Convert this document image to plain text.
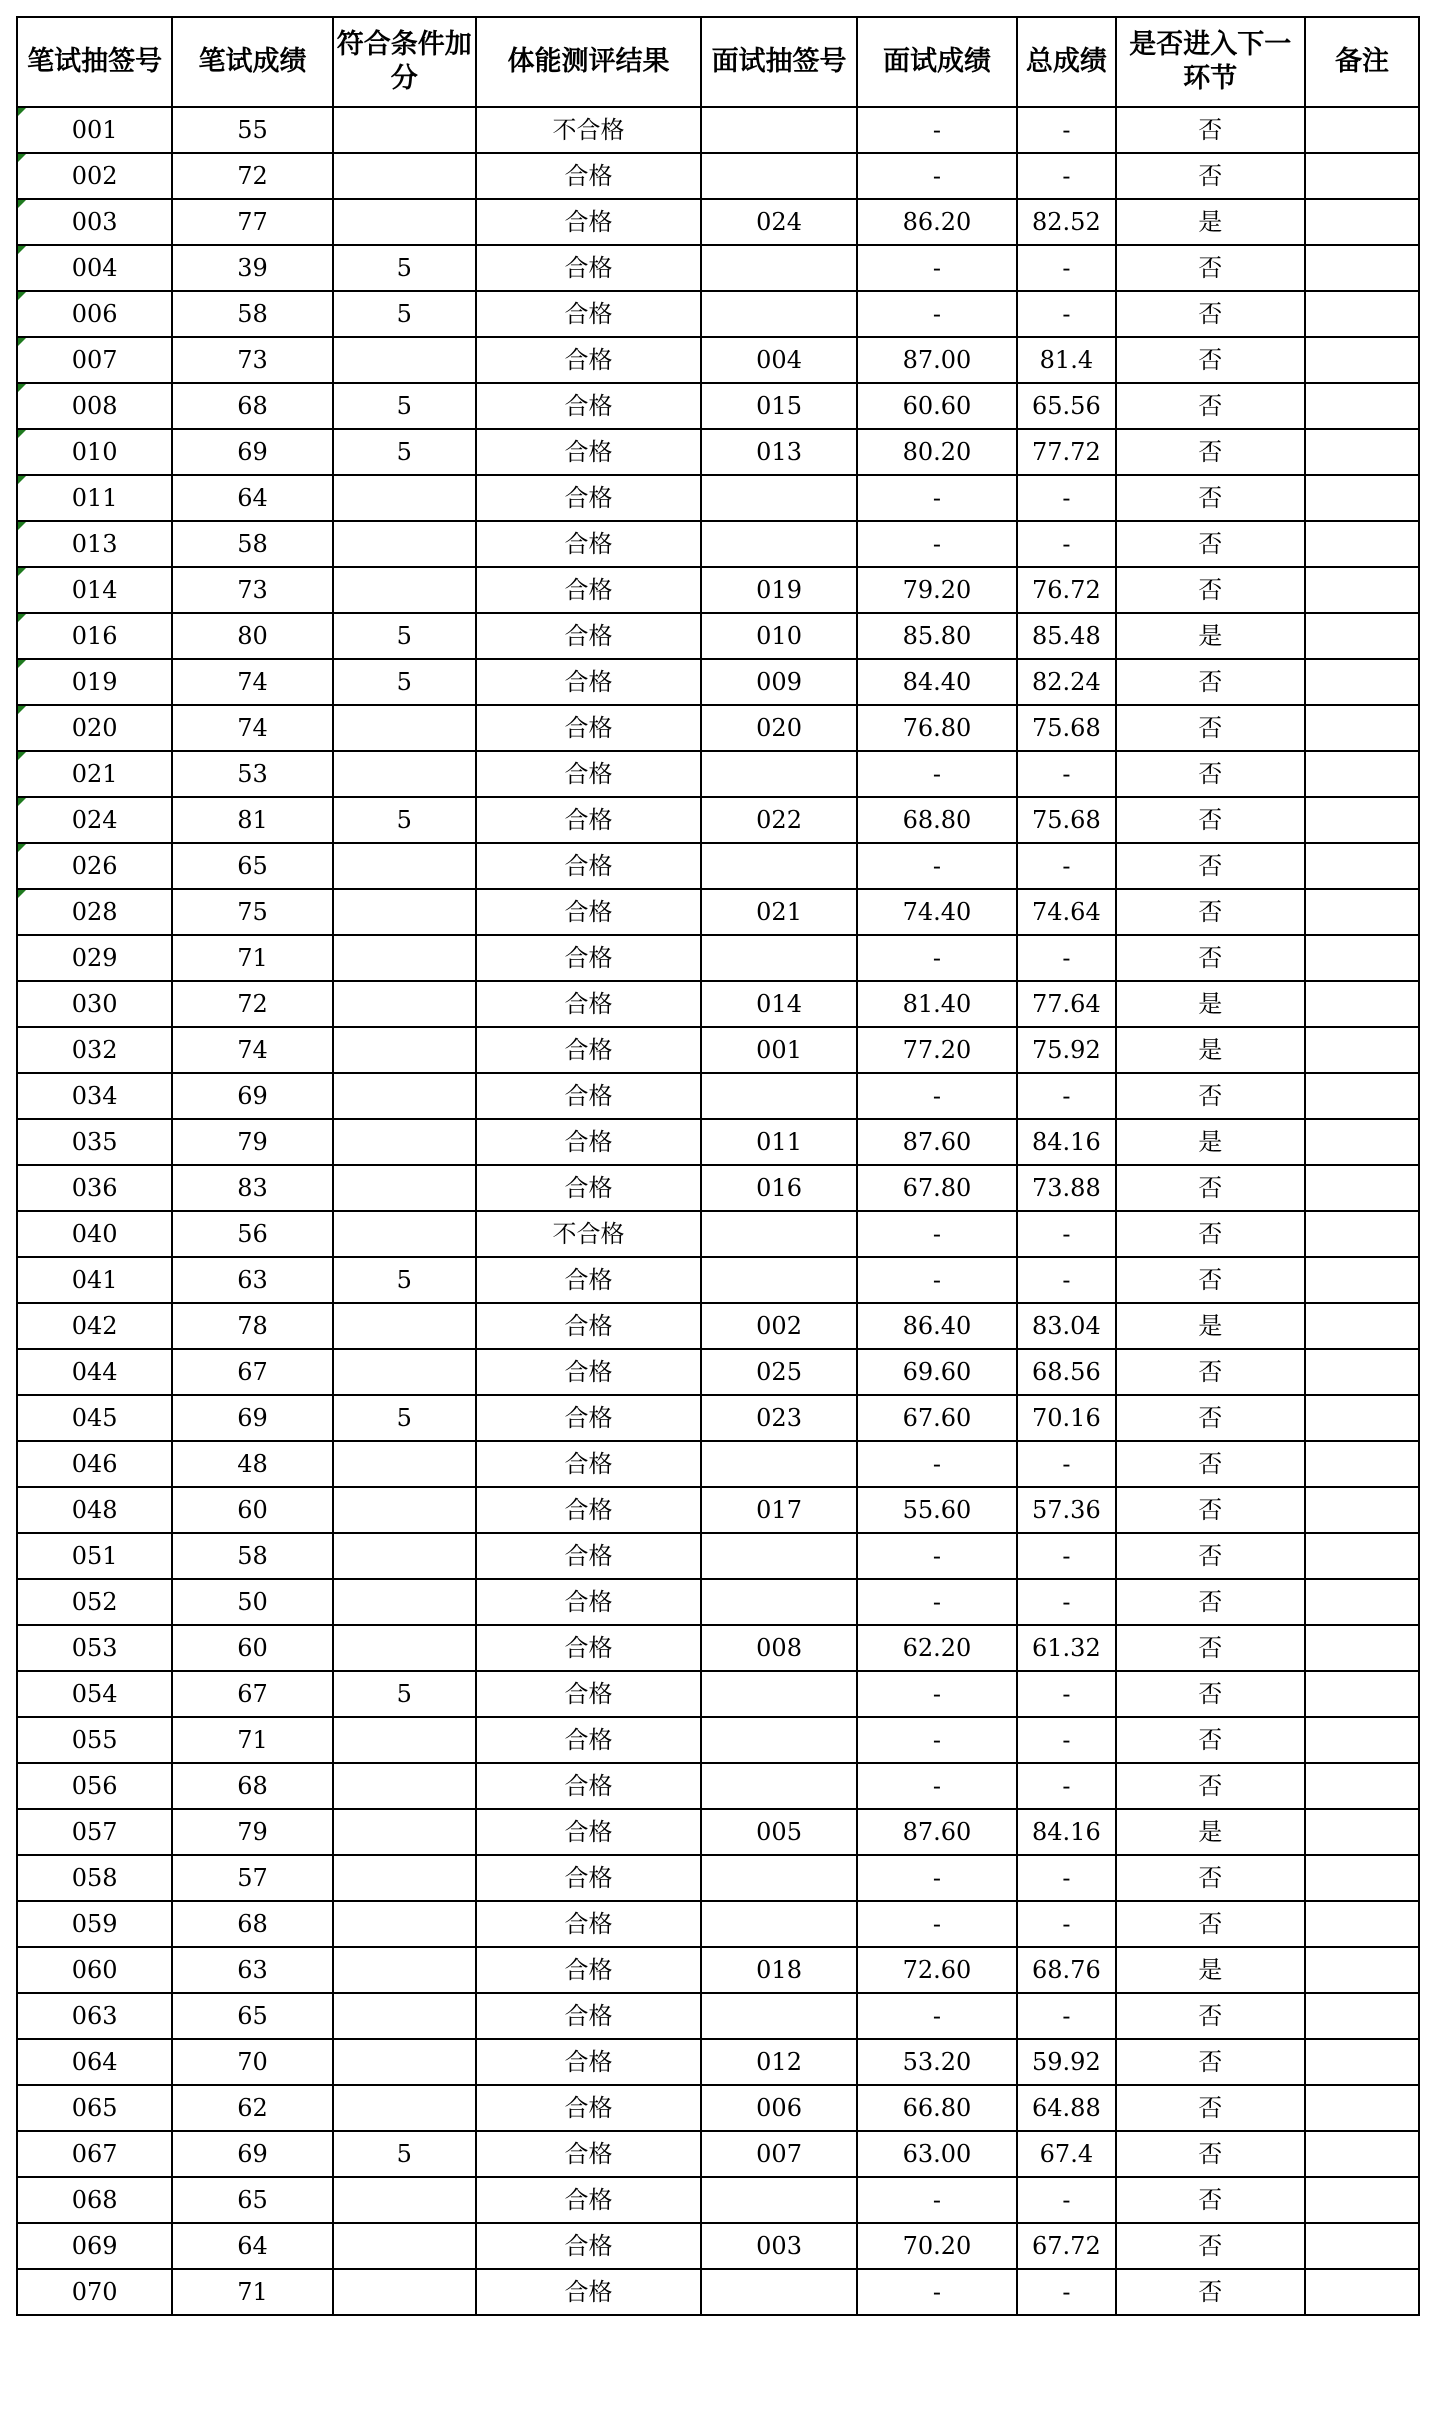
笔试抽签号	笔试成绩	符合条件加分	体能测评结果	面试抽签号	面试成绩	总成绩	是否进入下一环节	备注
001	55		不合格		-	-	否	
002	72		合格		-	-	否	
003	77		合格	024	86.20	82.52	是	
004	39	5	合格		-	-	否	
006	58	5	合格		-	-	否	
007	73		合格	004	87.00	81.4	否	
008	68	5	合格	015	60.60	65.56	否	
010	69	5	合格	013	80.20	77.72	否	
011	64		合格		-	-	否	
013	58		合格		-	-	否	
014	73		合格	019	79.20	76.72	否	
016	80	5	合格	010	85.80	85.48	是	
019	74	5	合格	009	84.40	82.24	否	
020	74		合格	020	76.80	75.68	否	
021	53		合格		-	-	否	
024	81	5	合格	022	68.80	75.68	否	
026	65		合格		-	-	否	
028	75		合格	021	74.40	74.64	否	
029	71		合格		-	-	否	
030	72		合格	014	81.40	77.64	是	
032	74		合格	001	77.20	75.92	是	
034	69		合格		-	-	否	
035	79		合格	011	87.60	84.16	是	
036	83		合格	016	67.80	73.88	否	
040	56		不合格		-	-	否	
041	63	5	合格		-	-	否	
042	78		合格	002	86.40	83.04	是	
044	67		合格	025	69.60	68.56	否	
045	69	5	合格	023	67.60	70.16	否	
046	48		合格		-	-	否	
048	60		合格	017	55.60	57.36	否	
051	58		合格		-	-	否	
052	50		合格		-	-	否	
053	60		合格	008	62.20	61.32	否	
054	67	5	合格		-	-	否	
055	71		合格		-	-	否	
056	68		合格		-	-	否	
057	79		合格	005	87.60	84.16	是	
058	57		合格		-	-	否	
059	68		合格		-	-	否	
060	63		合格	018	72.60	68.76	是	
063	65		合格		-	-	否	
064	70		合格	012	53.20	59.92	否	
065	62		合格	006	66.80	64.88	否	
067	69	5	合格	007	63.00	67.4	否	
068	65		合格		-	-	否	
069	64		合格	003	70.20	67.72	否	
070	71		合格		-	-	否	
